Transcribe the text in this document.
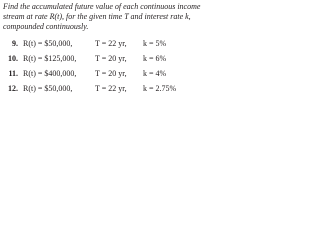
Find the accumulated future value of each continuous income
stream at rate R(t), for the given time T and interest rate k,
compounded continuously.
9. R(t) = $50,000,	T = 22 yr, k = 5%
10. R(t) = $125,000, T = 20 yr, k = 6%
11. R(t) = $400,000, T = 20 yr, k = 4%
12. R(t) = $50,000,	T = 22 yr, k = 2.75%
